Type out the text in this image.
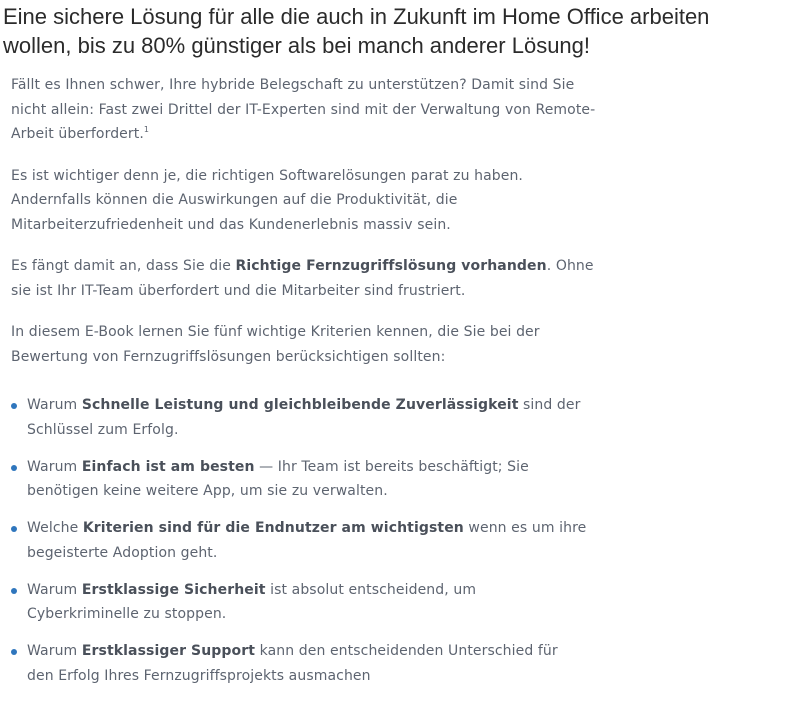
Eine sichere Lösung für alle die auch in Zukunft im Home Office arbeiten wollen, bis zu 80% günstiger als bei manch anderer Lösung!

Fällt es Ihnen schwer, Ihre hybride Belegschaft zu unterstützen? Damit sind Sie nicht allein: Fast zwei Drittel der IT-Experten sind mit der Verwaltung von Remote-Arbeit überfordert.$^1$

Es ist wichtiger denn je, die richtigen Softwarelösungen parat zu haben. Andernfalls können die Auswirkungen auf die Produktivität, die Mitarbeiterzufriedenheit und das Kundenerlebnis massiv sein.

Es fängt damit an, dass Sie die Richtige Fernzugriffslösung vorhanden. Ohne sie ist Ihr IT-Team überfordert und die Mitarbeiter sind frustriert.

In diesem E-Book lernen Sie fünf wichtige Kriterien kennen, die Sie bei der Bewertung von Fernzugriffslösungen berücksichtigen sollten:

Warum Schnelle Leistung und gleichbleibende Zuverlässigkeit sind der Schlüssel zum Erfolg.
Warum Einfach ist am besten — Ihr Team ist bereits beschäftigt; Sie benötigen keine weitere App, um sie zu verwalten.
Welche Kriterien sind für die Endnutzer am wichtigsten wenn es um ihre begeisterte Adoption geht.
Warum Erstklassige Sicherheit ist absolut entscheidend, um Cyberkriminelle zu stoppen.
Warum Erstklassiger Support kann den entscheidenden Unterschied für den Erfolg Ihres Fernzugriffsprojekts ausmachen
